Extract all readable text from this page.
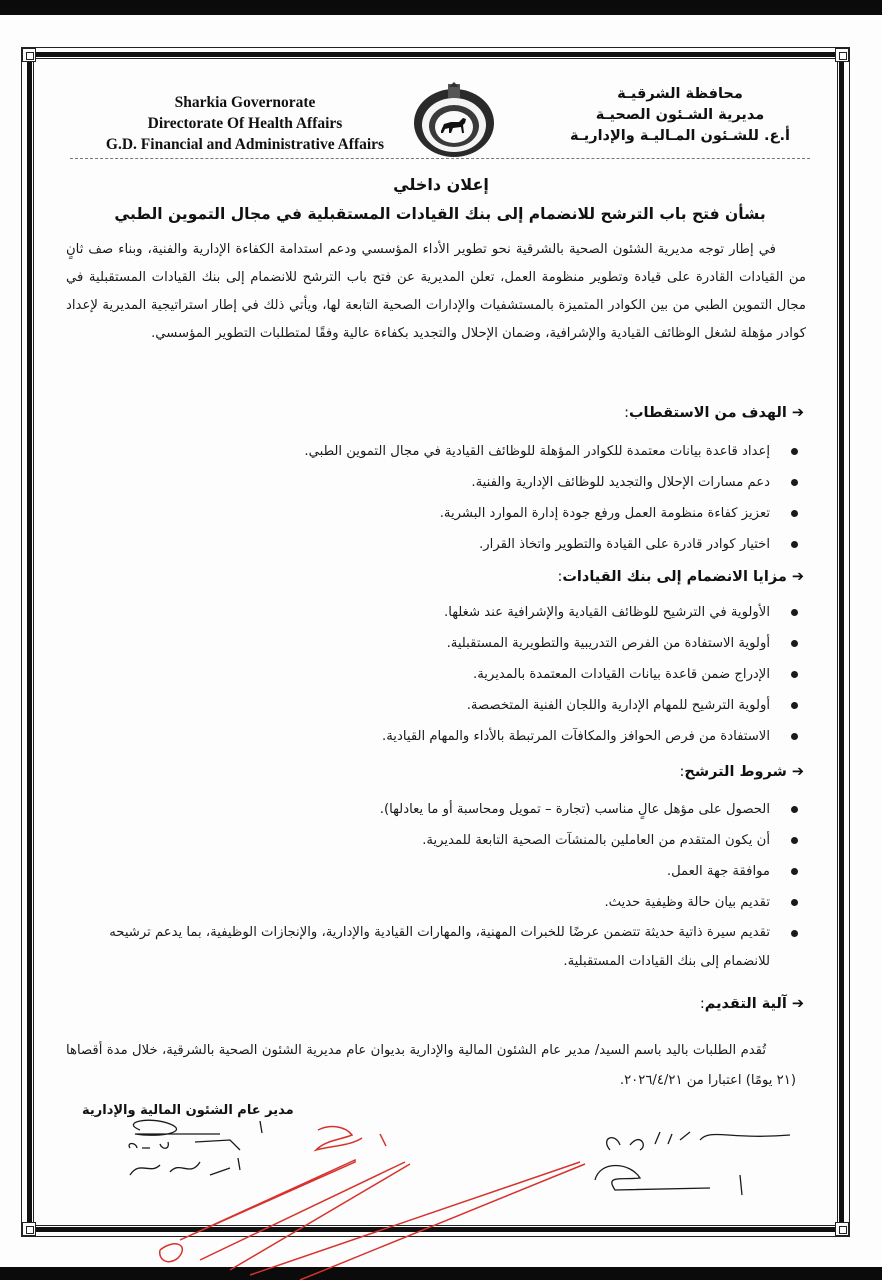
Sharkia Governorate
Directorate Of Health Affairs
G.D. Financial and Administrative Affairs
محافظة الشرقيـة
مديرية الشـئون الصحيـة
أ.ع. للشـئون المـاليـة والإداريـة
إعلان داخلي
بشأن فتح باب الترشح للانضمام إلى بنك القيادات المستقبلية في مجال التموين الطبي
في إطار توجه مديرية الشئون الصحية بالشرقية نحو تطوير الأداء المؤسسي ودعم استدامة الكفاءة الإدارية والفنية، وبناء صف ثانٍ من القيادات القادرة على قيادة وتطوير منظومة العمل، تعلن المديرية عن فتح باب الترشح للانضمام إلى بنك القيادات المستقبلية في مجال التموين الطبي من بين الكوادر المتميزة بالمستشفيات والإدارات الصحية التابعة لها، ويأتي ذلك في إطار استراتيجية المديرية لإعداد كوادر مؤهلة لشغل الوظائف القيادية والإشرافية، وضمان الإحلال والتجديد بكفاءة عالية وفقًا لمتطلبات التطوير المؤسسي.
➔الهدف من الاستقطاب:
إعداد قاعدة بيانات معتمدة للكوادر المؤهلة للوظائف القيادية في مجال التموين الطبي.
دعم مسارات الإحلال والتجديد للوظائف الإدارية والفنية.
تعزيز كفاءة منظومة العمل ورفع جودة إدارة الموارد البشرية.
اختيار كوادر قادرة على القيادة والتطوير واتخاذ القرار.
➔مزايا الانضمام إلى بنك القيادات:
الأولوية في الترشيح للوظائف القيادية والإشرافية عند شغلها.
أولوية الاستفادة من الفرص التدريبية والتطويرية المستقبلية.
الإدراج ضمن قاعدة بيانات القيادات المعتمدة بالمديرية.
أولوية الترشيح للمهام الإدارية واللجان الفنية المتخصصة.
الاستفادة من فرص الحوافز والمكافآت المرتبطة بالأداء والمهام القيادية.
➔شروط الترشح:
الحصول على مؤهل عالٍ مناسب (تجارة – تمويل ومحاسبة أو ما يعادلها).
أن يكون المتقدم من العاملين بالمنشآت الصحية التابعة للمديرية.
موافقة جهة العمل.
تقديم بيان حالة وظيفية حديث.
تقديم سيرة ذاتية حديثة تتضمن عرضًا للخبرات المهنية، والمهارات القيادية والإدارية، والإنجازات الوظيفية، بما يدعم ترشيحه للانضمام إلى بنك القيادات المستقبلية.
➔آلية التقديم:
تُقدم الطلبات باليد باسم السيد/ مدير عام الشئون المالية والإدارية بديوان عام مديرية الشئون الصحية بالشرقية، خلال مدة أقصاها (٢١ يومًا) اعتبارا من ٢٠٢٦/٤/٢١.
مدير عام الشئون المالية والإدارية
